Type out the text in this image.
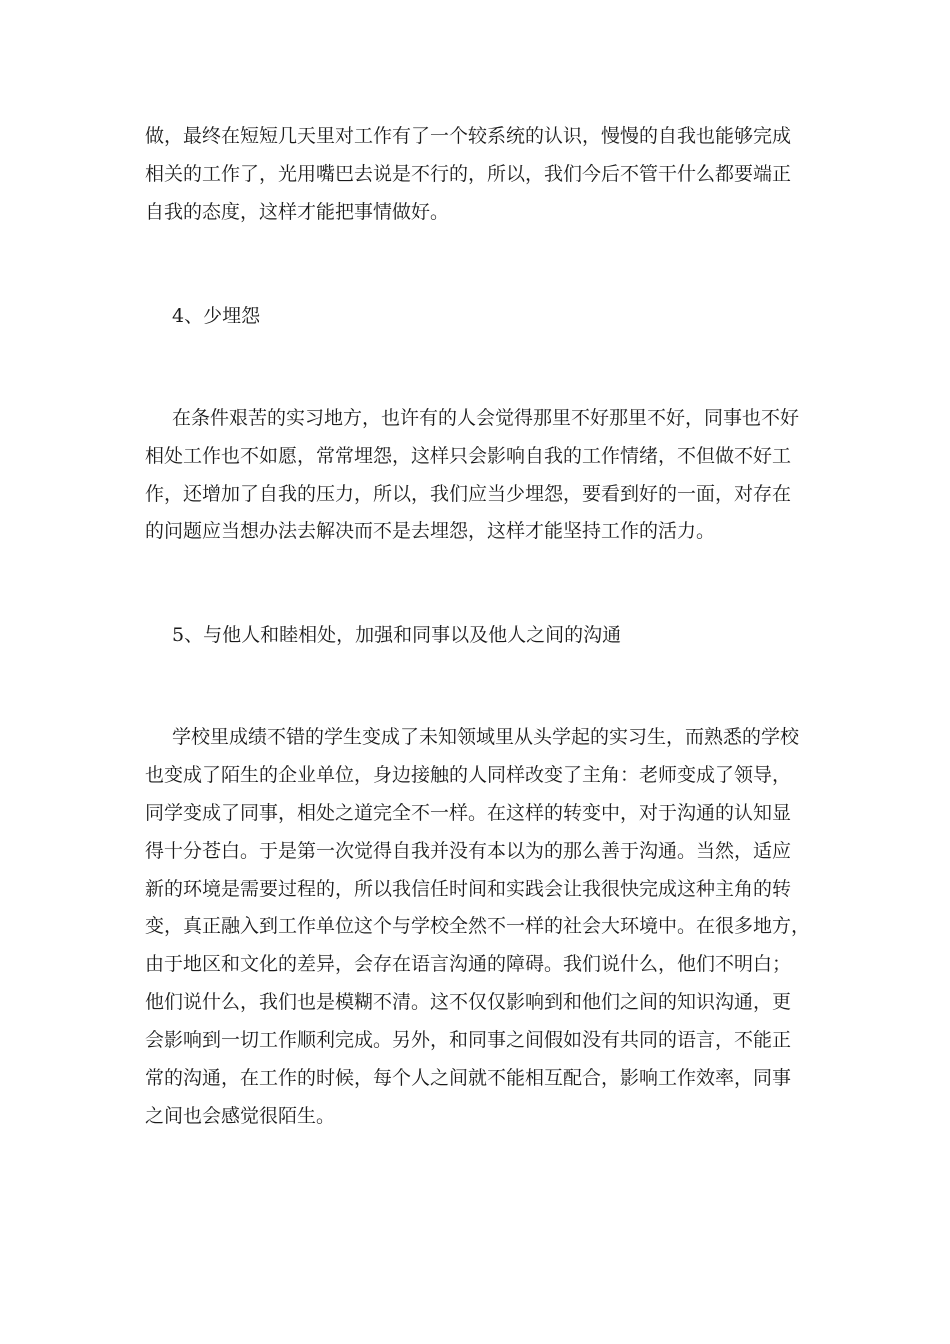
做，最终在短短几天里对工作有了一个较系统的认识，慢慢的自我也能够完成
相关的工作了，光用嘴巴去说是不行的，所以，我们今后不管干什么都要端正
自我的态度，这样才能把事情做好。
4、少埋怨
在条件艰苦的实习地方，也许有的人会觉得那里不好那里不好，同事也不好
相处工作也不如愿，常常埋怨，这样只会影响自我的工作情绪，不但做不好工
作，还增加了自我的压力，所以，我们应当少埋怨，要看到好的一面，对存在
的问题应当想办法去解决而不是去埋怨，这样才能坚持工作的活力。
5、与他人和睦相处，加强和同事以及他人之间的沟通
学校里成绩不错的学生变成了未知领域里从头学起的实习生，而熟悉的学校
也变成了陌生的企业单位，身边接触的人同样改变了主角：老师变成了领导，
同学变成了同事，相处之道完全不一样。在这样的转变中，对于沟通的认知显
得十分苍白。于是第一次觉得自我并没有本以为的那么善于沟通。当然，适应
新的环境是需要过程的，所以我信任时间和实践会让我很快完成这种主角的转
变，真正融入到工作单位这个与学校全然不一样的社会大环境中。在很多地方，
由于地区和文化的差异，会存在语言沟通的障碍。我们说什么，他们不明白；
他们说什么，我们也是模糊不清。这不仅仅影响到和他们之间的知识沟通，更
会影响到一切工作顺利完成。另外，和同事之间假如没有共同的语言，不能正
常的沟通，在工作的时候，每个人之间就不能相互配合，影响工作效率，同事
之间也会感觉很陌生。
